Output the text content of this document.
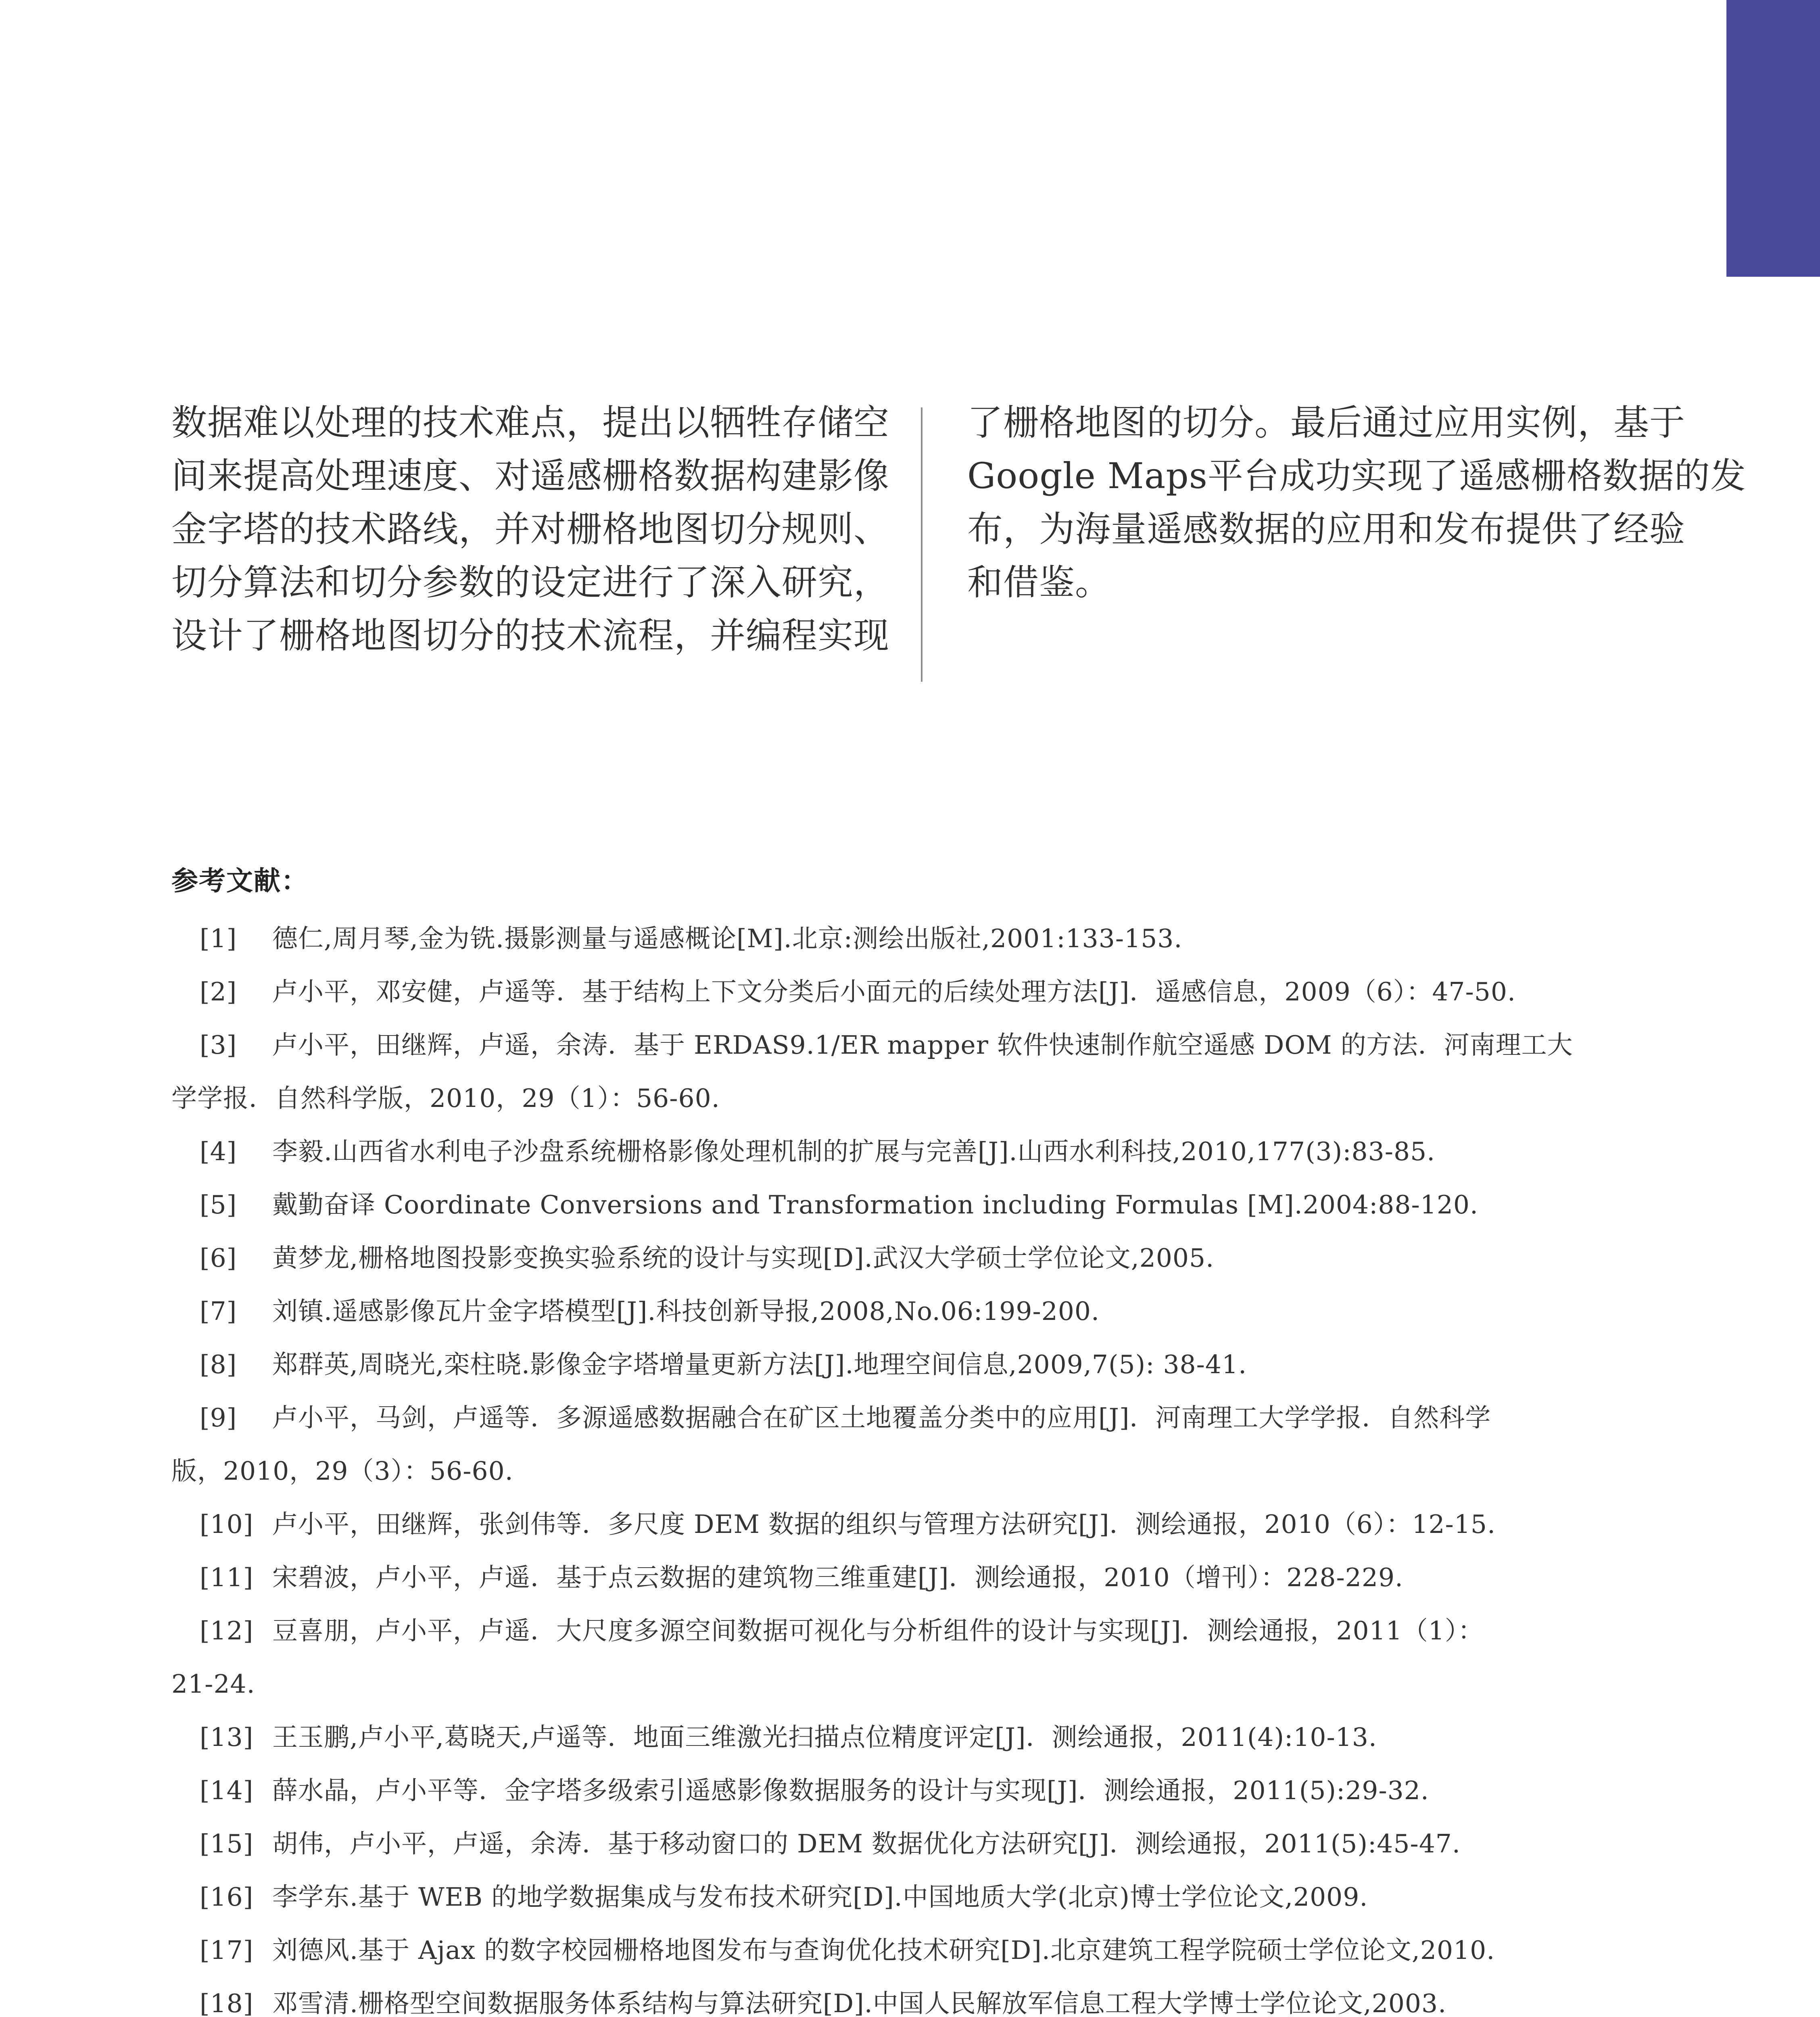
数据难以处理的技术难点，提出以牺牲存储空
间来提高处理速度、对遥感栅格数据构建影像
金字塔的技术路线，并对栅格地图切分规则、
切分算法和切分参数的设定进行了深入研究，
设计了栅格地图切分的技术流程，并编程实现
了栅格地图的切分。最后通过应用实例，基于
Google Maps平台成功实现了遥感栅格数据的发
布，为海量遥感数据的应用和发布提供了经验
和借鉴。
参考文献：
[1] 德仁,周月琴,金为铣.摄影测量与遥感概论[M].北京:测绘出版社,2001:133-153.
[2] 卢小平，邓安健，卢遥等．基于结构上下文分类后小面元的后续处理方法[J]．遥感信息，2009（6）：47-50.
[3] 卢小平，田继辉，卢遥，余涛．基于 ERDAS9.1/ER mapper 软件快速制作航空遥感 DOM 的方法．河南理工大
学学报．自然科学版，2010，29（1）：56-60.
[4] 李毅.山西省水利电子沙盘系统栅格影像处理机制的扩展与完善[J].山西水利科技,2010,177(3):83-85.
[5] 戴勤奋译 Coordinate Conversions and Transformation including Formulas [M].2004:88-120.
[6] 黄梦龙,栅格地图投影变换实验系统的设计与实现[D].武汉大学硕士学位论文,2005.
[7] 刘镇.遥感影像瓦片金字塔模型[J].科技创新导报,2008,No.06:199-200.
[8] 郑群英,周晓光,栾柱晓.影像金字塔增量更新方法[J].地理空间信息,2009,7(5): 38-41.
[9] 卢小平，马剑，卢遥等．多源遥感数据融合在矿区土地覆盖分类中的应用[J]．河南理工大学学报．自然科学
版，2010，29（3）：56-60.
[10] 卢小平，田继辉，张剑伟等．多尺度 DEM 数据的组织与管理方法研究[J]．测绘通报，2010（6）：12-15.
[11] 宋碧波，卢小平，卢遥．基于点云数据的建筑物三维重建[J]．测绘通报，2010（增刊）：228-229.
[12] 豆喜朋，卢小平，卢遥．大尺度多源空间数据可视化与分析组件的设计与实现[J]．测绘通报，2011（1）：
21-24.
[13] 王玉鹏,卢小平,葛晓天,卢遥等．地面三维激光扫描点位精度评定[J]．测绘通报，2011(4):10-13.
[14] 薛水晶，卢小平等．金字塔多级索引遥感影像数据服务的设计与实现[J]．测绘通报，2011(5):29-32.
[15] 胡伟，卢小平，卢遥，余涛．基于移动窗口的 DEM 数据优化方法研究[J]．测绘通报，2011(5):45-47.
[16] 李学东.基于 WEB 的地学数据集成与发布技术研究[D].中国地质大学(北京)博士学位论文,2009.
[17] 刘德风.基于 Ajax 的数字校园栅格地图发布与查询优化技术研究[D].北京建筑工程学院硕士学位论文,2010.
[18] 邓雪清.栅格型空间数据服务体系结构与算法研究[D].中国人民解放军信息工程大学博士学位论文,2003.
